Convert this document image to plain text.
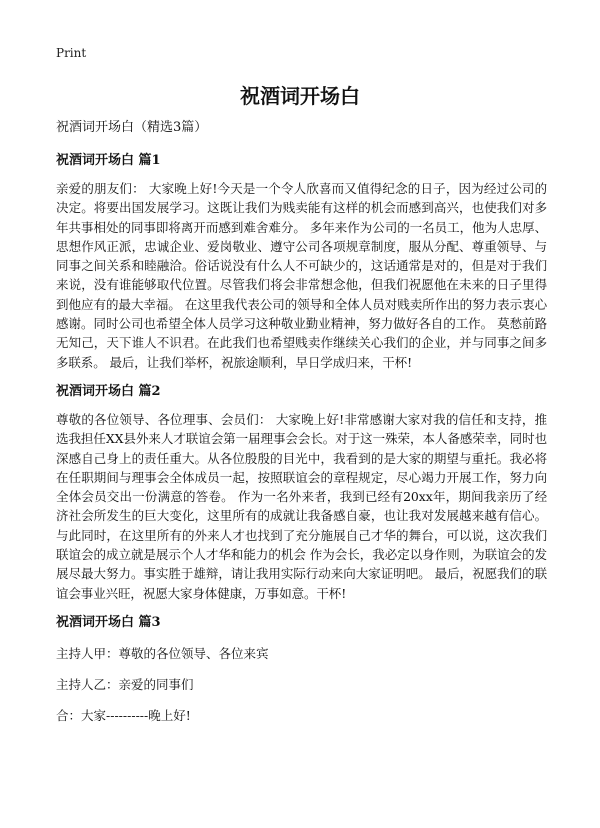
Print
祝酒词开场白

祝酒词开场白（精选3篇）

祝酒词开场白 篇1

亲爱的朋友们： 大家晚上好!今天是一个令人欣喜而又值得纪念的日子，因为经过公司的决定。将要出国发展学习。这既让我们为贱卖能有这样的机会而感到高兴，也使我们对多年共事相处的同事即将离开而感到难舍难分。 多年来作为公司的一名员工，他为人忠厚、思想作风正派，忠诚企业、爱岗敬业、遵守公司各项规章制度，服从分配、尊重领导、与同事之间关系和睦融洽。俗话说没有什么人不可缺少的，这话通常是对的，但是对于我们来说，没有谁能够取代位置。尽管我们将会非常想念他，但我们祝愿他在未来的日子里得到他应有的最大幸福。 在这里我代表公司的领导和全体人员对贱卖所作出的努力表示衷心感谢。同时公司也希望全体人员学习这种敬业勤业精神，努力做好各自的工作。 莫愁前路无知己，天下谁人不识君。在此我们也希望贱卖作继续关心我们的企业，并与同事之间多多联系。 最后，让我们举杯，祝旅途顺利，早日学成归来，干杯!

祝酒词开场白 篇2

尊敬的各位领导、各位理事、会员们： 大家晚上好!非常感谢大家对我的信任和支持，推选我担任XX县外来人才联谊会第一届理事会会长。对于这一殊荣，本人备感荣幸，同时也深感自己身上的责任重大。从各位殷殷的目光中，我看到的是大家的期望与重托。我必将在任职期间与理事会全体成员一起，按照联谊会的章程规定，尽心竭力开展工作，努力向全体会员交出一份满意的答卷。 作为一名外来者，我到已经有20xx年，期间我亲历了经济社会所发生的巨大变化，这里所有的成就让我备感自豪，也让我对发展越来越有信心。与此同时，在这里所有的外来人才也找到了充分施展自己才华的舞台，可以说，这次我们联谊会的成立就是展示个人才华和能力的机会 作为会长，我必定以身作则，为联谊会的发展尽最大努力。事实胜于雄辩，请让我用实际行动来向大家证明吧。 最后，祝愿我们的联谊会事业兴旺，祝愿大家身体健康，万事如意。干杯!

祝酒词开场白 篇3

主持人甲：尊敬的各位领导、各位来宾

主持人乙：亲爱的同事们

合：大家----------晚上好!
